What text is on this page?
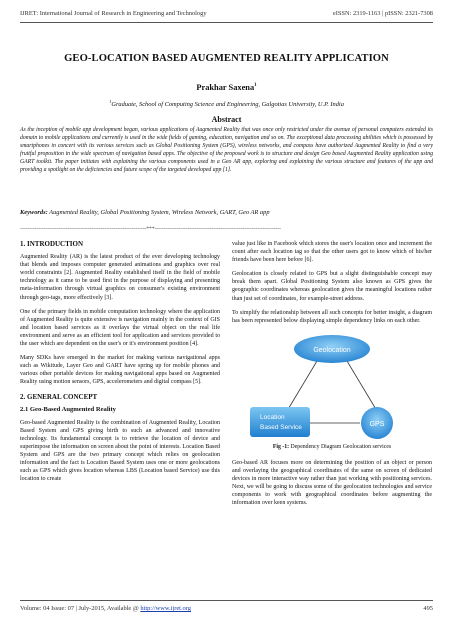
IJRET: International Journal of Research in Engineering and Technology	eISSN: 2319-1163 | pISSN: 2321-7308
GEO-LOCATION BASED AUGMENTED REALITY APPLICATION
Prakhar Saxena$^1$
$^1$Graduate, School of Computing Science and Engineering, Galgotias University, U.P. India
Abstract

As the inception of mobile app development began, various applications of Augmented Reality that was once only restricted under the avenue of personal computers extended its domain to mobile applications and currently is used in the wide fields of gaming, education, navigation and so on. The exceptional data processing abilities which is possessed by smartphones in concert with its various services such as Global Positioning System (GPS), wireless networks, and compass have authorized Augmented Reality to find a very fruitful proposition in the wide spectrum of navigation based apps. The objective of the proposed work is to structure and design Geo based Augmented Reality application using GART toolkit. The paper initiates with explaining the various components used in a Geo AR app, exploring and explaining the various structure and features of the app and providing a spotlight on the deficiencies and future scope of the targeted developed app [1].

Keywords: Augmented Reality, Global Positioning System, Wireless Network, GART, Geo AR app

---------------------------------------------------------------------***---------------------------------------------------------------------
1. INTRODUCTION

Augmented Reality (AR) is the latest product of the ever developing technology that blends and imposes computer generated animations and graphics over real world constraints [2]. Augmented Reality established itself in the field of mobile technology as it came to be used first in the purpose of displaying and presenting meta-information through virtual graphics on consumer's existing environment through geo-tags, more effectively [3].

One of the primary fields in mobile computation technology where the application of Augmented Reality is quite extensive is navigation mainly in the context of GIS and location based services as it overlays the virtual object on the real life environment and serve as an efficient tool for application and services provided to the user which are dependent on the user's or it's environment position [4].

Many SDKs have emerged in the market for making various navigational apps such as Wikitude, Layer Geo and GART have spring up for mobile phones and various other portable devices for making navigational apps based on Augmented Reality using motion sensors, GPS, accelerometers and digital compass [5].

2. GENERAL CONCEPT
2.1 Geo-Based Augmented Reality

Geo-based Augmented Reality is the combination of Augmented Reality, Location Based System and GPS giving birth to such an advanced and innovative technology. Its fundamental concept is to retrieve the location of device and superimpose the information on screen about the point of interests. Location Based System and GPS are the two primary concept which relies on geolocation information and the fact is Location Based System uses one or more geolocations such as GPS which gives location whereas LBS (Location based Service) use this location to create

value just like in Facebook which stores the user's location once and increment the count after each location tag so that the other users got to know which of his/her friends have been here before [6].

Geolocation is closely related to GPS but a slight distinguishable concept may break them apart. Global Positioning System also known as GPS gives the geographic coordinates whereas geolocation gives the meaningful locations rather than just set of coordinates, for example-street address.

To simplify the relationship between all such concepts for better insight, a diagram has been represented below displaying simple dependency links on each other.

Geolocation
Location
Based Service	GPS
Fig -1: Dependency Diagram Geolocation services

Geo-based AR focuses more on determining the position of an object or person and overlaying the geographical coordinates of the same on screen of dedicated devices in more interactive way rather than just working with positioning services. Next, we will be going to discuss some of the geolocation technologies and service components to work with geographical coordinates before augmenting the information over keen systems.

Volume: 04 Issue: 07 | July-2015, Available @ http://www.ijret.org	495
